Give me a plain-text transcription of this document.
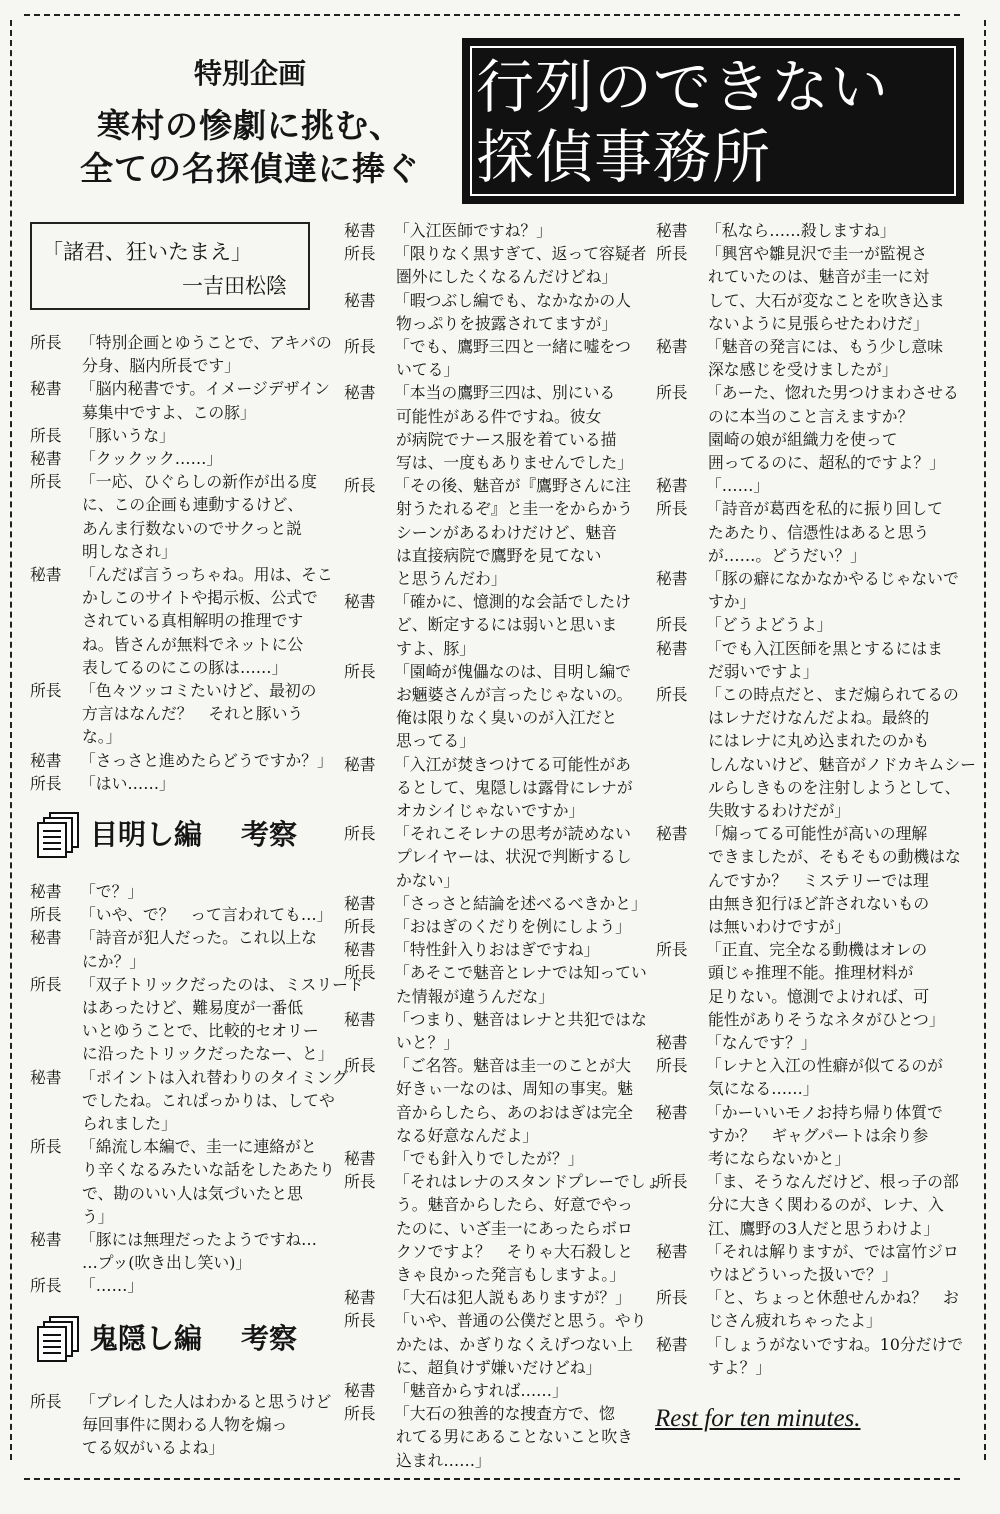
特別企画
寒村の惨劇に挑む、
全ての名探偵達に捧ぐ
行列のできない
探偵事務所
「諸君、狂いたまえ」
一吉田松陰
所長 「特別企画とゆうことで、アキバの
分身、脳内所長です」
秘書 「脳内秘書です。イメージデザイン
募集中ですよ、この豚」
所長 「豚いうな」
秘書 「クックック……」
所長 「一応、ひぐらしの新作が出る度
に、この企画も連動するけど、
あんま行数ないのでサクっと説
明しなされ」
秘書 「んだば言うっちゃね。用は、そこ
かしこのサイトや掲示板、公式で
されている真相解明の推理です
ね。皆さんが無料でネットに公
表してるのにこの豚は……」
所長 「色々ツッコミたいけど、最初の
方言はなんだ？　それと豚いう
な。」
秘書 「さっさと進めたらどうですか？」
所長 「はい……」
目明し編 考察
秘書 「で？」
所長 「いや、で？　って言われても…」
秘書 「詩音が犯人だった。これ以上な
にか？」
所長 「双子トリックだったのは、ミスリード
はあったけど、難易度が一番低
いとゆうことで、比較的セオリー
に沿ったトリックだったなー、と」
秘書 「ポイントは入れ替わりのタイミング
でしたね。これぱっかりは、してや
られました」
所長 「綿流し本編で、圭一に連絡がと
り辛くなるみたいな話をしたあたり
で、勘のいい人は気づいたと思
う」
秘書 「豚には無理だったようですね…
…プッ(吹き出し笑い)」
所長 「……」
鬼隠し編 考察
所長 「プレイした人はわかると思うけど
毎回事件に関わる人物を煽っ
てる奴がいるよね」
秘書 「入江医師ですね？」
所長 「限りなく黒すぎて、返って容疑者
圏外にしたくなるんだけどね」
秘書 「暇つぶし編でも、なかなかの人
物っぷりを披露されてますが」
所長 「でも、鷹野三四と一緒に嘘をつ
いてる」
秘書 「本当の鷹野三四は、別にいる
可能性がある件ですね。彼女
が病院でナース服を着ている描
写は、一度もありませんでした」
所長 「その後、魅音が『鷹野さんに注
射うたれるぞ』と圭一をからかう
シーンがあるわけだけど、魅音
は直接病院で鷹野を見てない
と思うんだわ」
秘書 「確かに、憶測的な会話でしたけ
ど、断定するには弱いと思いま
すよ、豚」
所長 「園崎が傀儡なのは、目明し編で
お魎婆さんが言ったじゃないの。
俺は限りなく臭いのが入江だと
思ってる」
秘書 「入江が焚きつけてる可能性があ
るとして、鬼隠しは露骨にレナが
オカシイじゃないですか」
所長 「それこそレナの思考が読めない
プレイヤーは、状況で判断するし
かない」
秘書 「さっさと結論を述べるべきかと」
所長 「おはぎのくだりを例にしよう」
秘書 「特性針入りおはぎですね」
所長 「あそこで魅音とレナでは知ってい
た情報が違うんだな」
秘書 「つまり、魅音はレナと共犯ではな
いと？」
所長 「ご名答。魅音は圭一のことが大
好きぃ一なのは、周知の事実。魅
音からしたら、あのおはぎは完全
なる好意なんだよ」
秘書 「でも針入りでしたが？」
所長 「それはレナのスタンドプレーでしょ
う。魅音からしたら、好意でやっ
たのに、いざ圭一にあったらボロ
クソですよ？　そりゃ大石殺しと
きゃ良かった発言もしますよ。」
秘書 「大石は犯人説もありますが？」
所長 「いや、普通の公僕だと思う。やり
かたは、かぎりなくえげつない上
に、超負けず嫌いだけどね」
秘書 「魅音からすれば……」
所長 「大石の独善的な捜査方で、惚
れてる男にあることないこと吹き
込まれ……」
秘書 「私なら……殺しますね」
所長 「興宮や雛見沢で圭一が監視さ
れていたのは、魅音が圭一に対
して、大石が変なことを吹き込ま
ないように見張らせたわけだ」
秘書 「魅音の発言には、もう少し意味
深な感じを受けましたが」
所長 「あーた、惚れた男つけまわさせる
のに本当のこと言えますか？
園崎の娘が組織力を使って
囲ってるのに、超私的ですよ？」
秘書 「……」
所長 「詩音が葛西を私的に振り回して
たあたり、信憑性はあると思う
が……。どうだい？」
秘書 「豚の癖になかなかやるじゃないで
すか」
所長 「どうよどうよ」
秘書 「でも入江医師を黒とするにはま
だ弱いですよ」
所長 「この時点だと、まだ煽られてるの
はレナだけなんだよね。最終的
にはレナに丸め込まれたのかも
しんないけど、魅音がノドカキムシー
ルらしきものを注射しようとして、
失敗するわけだが」
秘書 「煽ってる可能性が高いの理解
できましたが、そもそもの動機はな
んですか？　ミステリーでは理
由無き犯行ほど許されないもの
は無いわけですが」
所長 「正直、完全なる動機はオレの
頭じゃ推理不能。推理材料が
足りない。憶測でよければ、可
能性がありそうなネタがひとつ」
秘書 「なんです？」
所長 「レナと入江の性癖が似てるのが
気になる……」
秘書 「かーいいモノお持ち帰り体質で
すか？　ギャグパートは余り参
考にならないかと」
所長 「ま、そうなんだけど、根っ子の部
分に大きく関わるのが、レナ、入
江、鷹野の3人だと思うわけよ」
秘書 「それは解りますが、では富竹ジロ
ウはどういった扱いで？」
所長 「と、ちょっと休憩せんかね？　お
じさん疲れちゃったよ」
秘書 「しょうがないですね。10分だけで
すよ？」
Rest for ten minutes.
